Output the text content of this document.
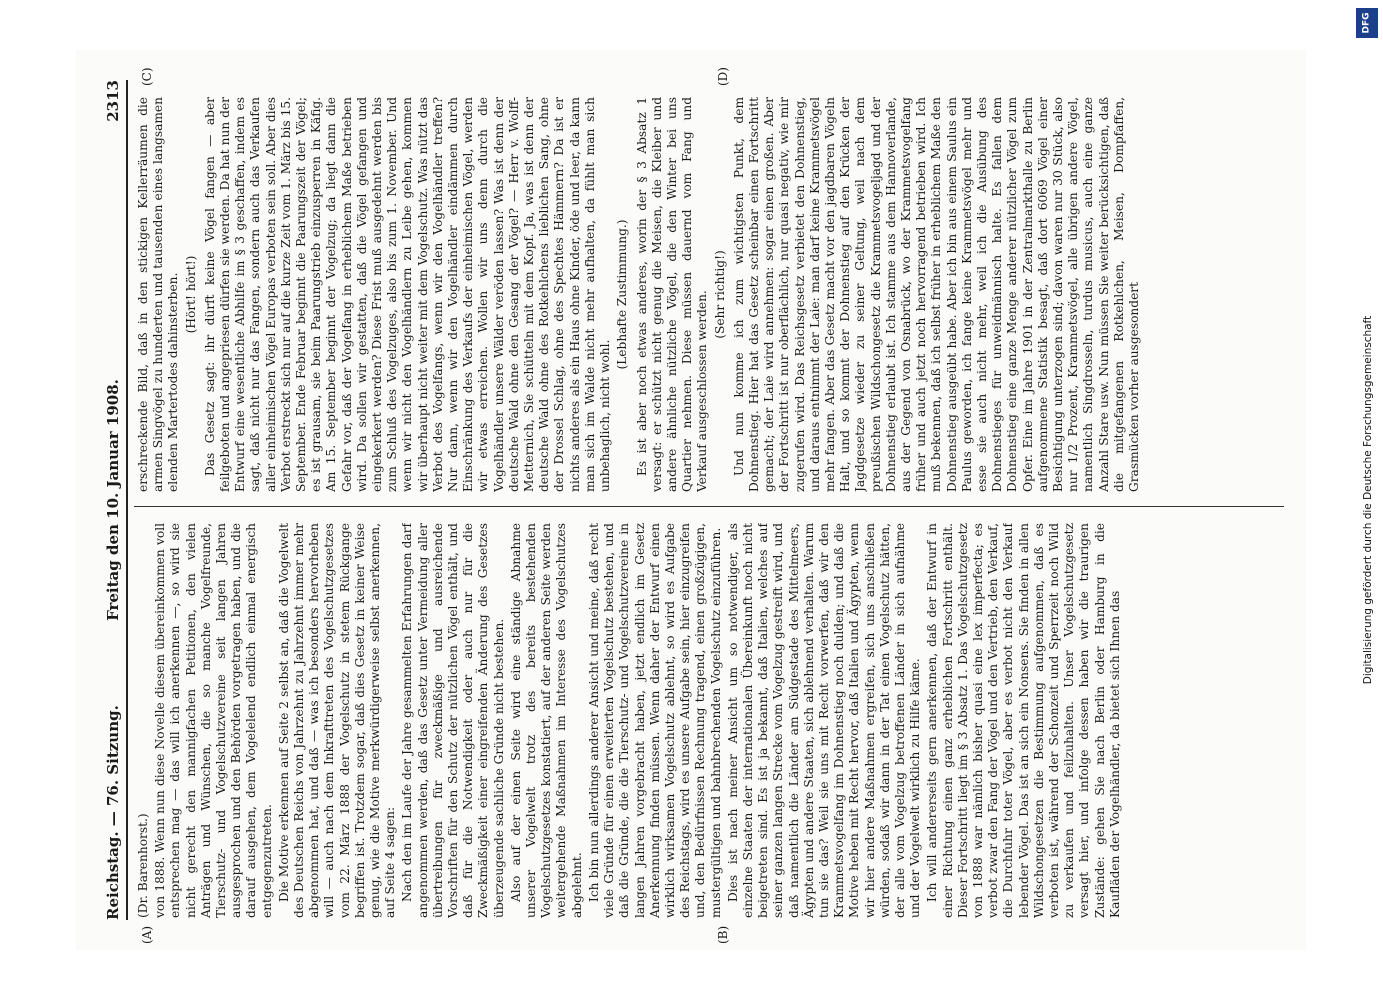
Reichstag. — 76. Sitzung.
Freitag den 10. Januar 1908.
2313
(A)	(B)
(C)	(D)

(Dr. Barenhorst.) von 1888. Wenn nun diese Novelle diesem übereinkommen voll entsprechen mag — das will ich anerkennen —, so wird sie nicht gerecht den mannigfachen Petitionen, den vielen Anträgen und Wünschen, die so manche Vogelfreunde, Tierschutz- und Vogelschutzvereine seit langen Jahren ausgesprochen und den Behörden vorgetragen haben, und die darauf ausgehen, dem Vogelelend endlich einmal energisch entgegenzutreten. Die Motive erkennen auf Seite 2 selbst an, daß die Vogelwelt des Deutschen Reichs von Jahrzehnt zu Jahrzehnt immer mehr abgenommen hat, und daß — was ich besonders hervorheben will — auch nach dem Inkrafttreten des Vogelschutzgesetzes vom 22. März 1888 der Vogelschutz in stetem Rückgange begriffen ist. Trotzdem sogar, daß dies Gesetz in keiner Weise genug, wie die Motive merkwürdigerweise selbst anerkennen, auf Seite 4 sagen: Nach den im Laufe der Jahre gesammelten Erfahrungen darf angenommen werden, daß das Gesetz unter Vermeidung aller übertreibungen für zweckmäßige und ausreichende Vorschriften für den Schutz der nützlichen Vögel enthält, und daß für die Notwendigkeit oder auch nur für die Zweckmäßigkeit einer eingreifenden Änderung des Gesetzes überzeugende sachliche Gründe nicht bestehen. Also auf der einen Seite wird eine ständige Abnahme unserer Vogelwelt trotz des bereits bestehenden Vogelschutzgesetzes konstatiert, auf der anderen Seite werden weitergehende Maßnahmen im Interesse des Vogelschutzes abgelehnt. Ich bin nun allerdings anderer Ansicht und meine, daß recht viele Gründe für einen erweiterten Vogelschutz bestehen, und daß die Gründe, die die Tierschutz- und Vogelschutzvereine in langen Jahren vorgebracht haben, jetzt endlich im Gesetz Anerkennung finden müssen. Wenn daher der Entwurf einen wirklich wirksamen Vogelschutz ablehnt, so wird es Aufgabe des Reichstags, wird es unsere Aufgabe sein, hier einzugreifen und, den Bedürfnissen Rechnung tragend, einen großzügigen, mustergültigen und bahnbrechenden Vogelschutz einzuführen. Dies ist nach meiner Ansicht um so notwendiger, als einzelne Staaten der internationalen Übereinkunft noch nicht beigetreten sind. Es ist ja bekannt, daß Italien, welches auf seiner ganzen langen Strecke vom Vogelzug gestreift wird, und daß namentlich die Länder am Südgestade des Mittelmeers, Ägypten und andere Staaten, sich ablehnend verhalten. Warum tun sie das? Weil sie uns mit Recht vorwerfen, daß wir den Krammetsvogelfang im Dohnenstieg noch dulden; und daß die Motive heben mit Recht hervor, daß Italien und Ägypten, wenn wir hier andere Maßnahmen ergreifen, sich uns anschließen würden, sodaß wir dann in der Tat einen Vogelschutz hätten, der alle vom Vogelzug betroffenen Länder in sich aufnähme und der Vogelwelt wirklich zu Hilfe käme. Ich will andererseits gern anerkennen, daß der Entwurf in einer Richtung einen ganz erheblichen Fortschritt enthält. Dieser Fortschritt liegt im § 3 Absatz 1. Das Vogelschutzgesetz von 1888 war nämlich bisher quasi eine lex imperfecta; es verbot zwar den Fang der Vögel und den Vertrieb, den Verkauf, die Durchfuhr toter Vögel, aber es verbot nicht den Verkauf lebender Vögel. Das ist an sich ein Nonsens. Sie finden in allen Wildschongesetzen die Bestimmung aufgenommen, daß es verboten ist, während der Schonzeit und Sperrzeit noch Wild zu verkaufen und feilzuhalten. Unser Vogelschutzgesetz versagt hier, und infolge dessen haben wir die traurigen Zustände: gehen Sie nach Berlin oder Hamburg in die Kaufläden der Vogelhändler, da bietet sich Ihnen das

erschreckende Bild, daß in den stickigen Kellerräumen die armen Singvögel zu hunderten und tausenden eines langsamen elenden Martertodes dahinsterben. (Hört! hört!) Das Gesetz sagt: ihr dürft keine Vögel fangen — aber feilgeboten und angepriesen dürfen sie werden. Da hat nun der Entwurf eine wesentliche Abhilfe im § 3 geschaffen, indem es sagt, daß nicht nur das Fangen, sondern auch das Verkaufen aller einheimischen Vögel Europas verboten sein soll. Aber dies Verbot erstreckt sich nur auf die kurze Zeit vom 1. März bis 15. September. Ende Februar beginnt die Paarungszeit der Vögel; es ist grausam, sie beim Paarungstrieb einzusperren in Käfig. Am 15. September beginnt der Vogelzug; da liegt dann die Gefahr vor, daß der Vogelfang in erheblichem Maße betrieben wird. Da sollen wir gestatten, daß die Vögel gefangen und eingekerkert werden? Diese Frist muß ausgedehnt werden bis zum Schluß des Vogelzuges, also bis zum 1. November. Und wenn wir nicht den Vogelhändlern zu Leibe gehen, kommen wir überhaupt nicht weiter mit dem Vogelschutz. Was nützt das Verbot des Vogelfangs, wenn wir den Vogelhändler treffen? Nur dann, wenn wir den Vogelhändler eindämmen durch Einschränkung des Verkaufs der einheimischen Vögel, werden wir etwas erreichen. Wollen wir uns denn durch die Vogelhändler unsere Wälder veröden lassen? Was ist denn der deutsche Wald ohne den Gesang der Vögel? — Herr v. Wolff-Metternich, Sie schütteln mit dem Kopf. Ja, was ist denn der deutsche Wald ohne des Rotkehlchens lieblichen Sang, ohne der Drossel Schlag, ohne des Spechtes Hämmern? Da ist er nichts anderes als ein Haus ohne Kinder, öde und leer, da kann man sich im Walde nicht mehr aufhalten, da fühlt man sich unbehaglich, nicht wohl.

(Lebhafte Zustimmung.) Es ist aber noch etwas anderes, worin der § 3 Absatz 1 versagt: er schützt nicht genug die Meisen, die Kleiber und andere ähnliche nützliche Vögel, die den Winter bei uns Quartier nehmen. Diese müssen dauernd vom Fang und Verkauf ausgeschlossen werden. (Sehr richtig!) Und nun komme ich zum wichtigsten Punkt, dem Dohnenstieg. Hier hat das Gesetz scheinbar einen Fortschritt gemacht; der Laie wird annehmen: sogar einen großen. Aber der Fortschritt ist nur oberflächlich, nur quasi negativ, wie mir zugerufen wird. Das Reichsgesetz verbietet den Dohnenstieg, und daraus entnimmt der Laie: man darf keine Krammetsvögel mehr fangen. Aber das Gesetz macht vor den jagdbaren Vögeln Halt, und so kommt der Dohnenstieg auf den Krücken der Jagdgesetze wieder zu seiner Geltung, weil nach dem preußischen Wildschongesetz die Krammetsvogeljagd und der Dohnenstieg erlaubt ist. Ich stamme aus dem Hannoverlande, aus der Gegend von Osnabrück, wo der Krammetsvogelfang früher und auch jetzt noch hervorragend betrieben wird. Ich muß bekennen, daß ich selbst früher in erheblichem Maße den Dohnenstieg ausgeübt habe. Aber ich bin aus einem Saulus ein Paulus geworden, ich fange keine Krammetsvögel mehr und esse sie auch nicht mehr, weil ich die Ausübung des Dohnenstieges für unweidmännisch halte. Es fallen dem Dohnenstieg eine ganze Menge anderer nützlicher Vögel zum Opfer. Eine im Jahre 1901 in der Zentralmarkthalle zu Berlin aufgenommene Statistik besagt, daß dort 6069 Vögel einer Besichtigung unterzogen sind; davon waren nur 30 Stück, also nur 1/2 Prozent, Krammetsvögel, alle übrigen andere Vögel, namentlich Singdrosseln, turdus musicus, auch eine ganze Anzahl Stare usw. Nun müssen Sie weiter berücksichtigen, daß die mitgefangenen Rotkehlchen, Meisen, Dompfaffen, Grasmücken vorher ausgesondert

DFG
Digitalisierung gefördert durch die Deutsche Forschungsgemeinschaft
